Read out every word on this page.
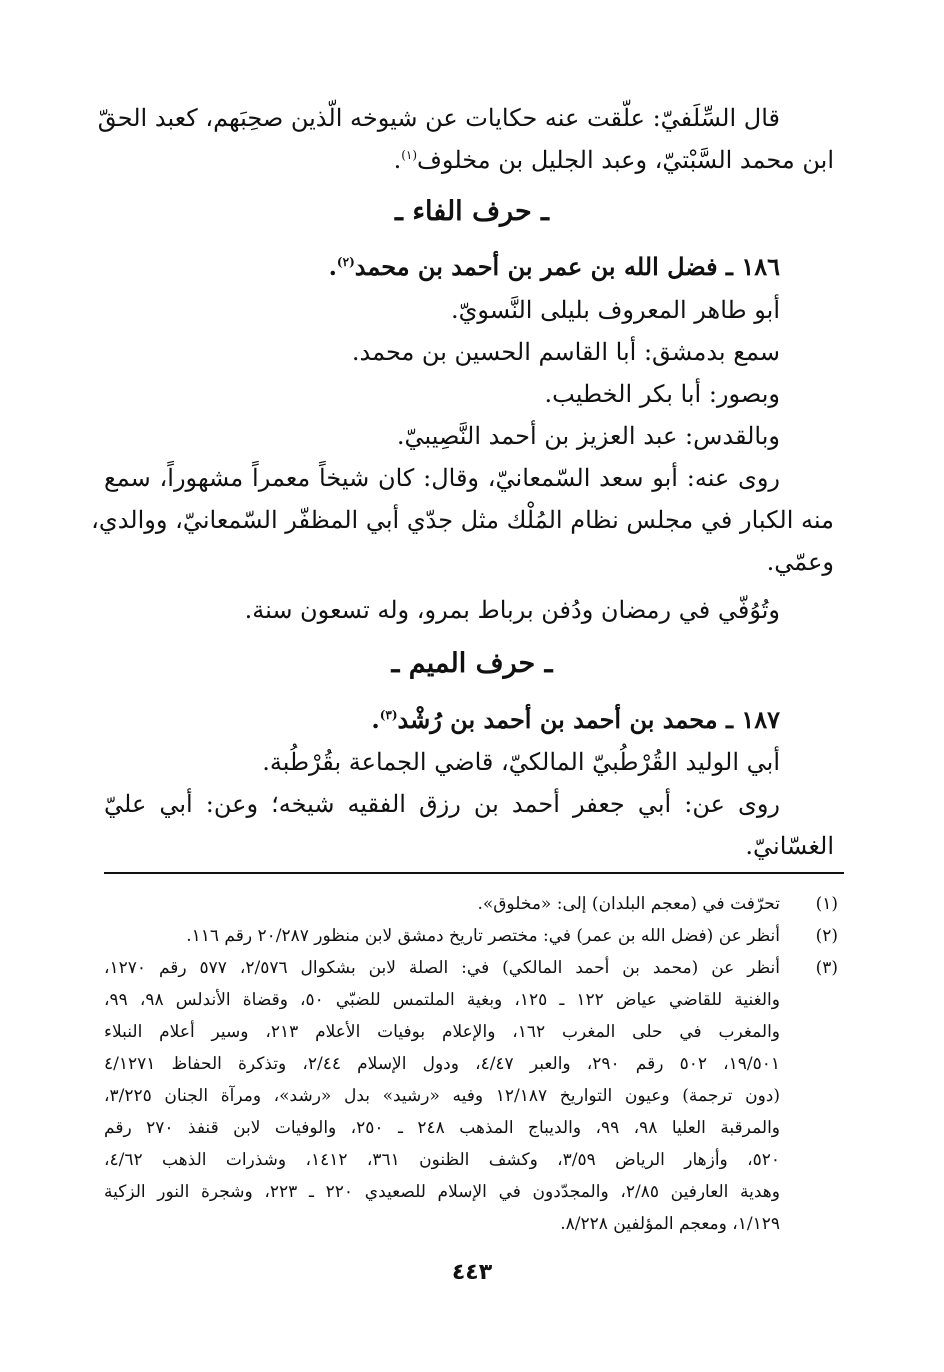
قال السِّلَفيّ: علّقت عنه حكايات عن شيوخه الّذين صحِبَهم، كعبد الحقّ
ابن محمد السَّبْتيّ، وعبد الجليل بن مخلوف$^{(١)}$.
ـ حرف الفاء ـ
١٨٦ ـ فضل الله بن عمر بن أحمد بن محمد$^{(٢)}$.
أبو طاهر المعروف بليلى النَّسويّ.
سمع بدمشق: أبا القاسم الحسين بن محمد.
وبصور: أبا بكر الخطيب.
وبالقدس: عبد العزيز بن أحمد النَّصِيبيّ.
روى عنه: أبو سعد السّمعانيّ، وقال: كان شيخاً معمراً مشهوراً، سمع
منه الكبار في مجلس نظام المُلْك مثل جدّي أبي المظفّر السّمعانيّ، ووالدي،
وعمّي.
وتُوُفّي في رمضان ودُفن برباط بمرو، وله تسعون سنة.
ـ حرف الميم ـ
١٨٧ ـ محمد بن أحمد بن أحمد بن رُشْد$^{(٣)}$.
أبي الوليد القُرْطُبيّ المالكيّ، قاضي الجماعة بقُرْطُبة.
روى عن: أبي جعفر أحمد بن رزق الفقيه شيخه؛ وعن: أبي عليّ
الغسّانيّ.
(١)
تحرّفت في (معجم البلدان) إلى: «مخلوق».
(٢)
أنظر عن (فضل الله بن عمر) في: مختصر تاريخ دمشق لابن منظور ٢٠/٢٨٧ رقم ١١٦.
(٣)
أنظر عن (محمد بن أحمد المالكي) في: الصلة لابن بشكوال ٢/٥٧٦، ٥٧٧ رقم ١٢٧٠،
والغنية للقاضي عياض ١٢٢ ـ ١٢٥، وبغية الملتمس للضبّي ٥٠، وقضاة الأندلس ٩٨، ٩٩،
والمغرب في حلى المغرب ١٦٢، والإعلام بوفيات الأعلام ٢١٣، وسير أعلام النبلاء
١٩/٥٠١، ٥٠٢ رقم ٢٩٠، والعبر ٤/٤٧، ودول الإسلام ٢/٤٤، وتذكرة الحفاظ ٤/١٢٧١
(دون ترجمة) وعيون التواريخ ١٢/١٨٧ وفيه «رشيد» بدل «رشد»، ومرآة الجنان ٣/٢٢٥،
والمرقبة العليا ٩٨، ٩٩، والديباج المذهب ٢٤٨ ـ ٢٥٠، والوفيات لابن قنفذ ٢٧٠ رقم
٥٢٠، وأزهار الرياض ٣/٥٩، وكشف الظنون ٣٦١، ١٤١٢، وشذرات الذهب ٤/٦٢،
وهدية العارفين ٢/٨٥، والمجدّدون في الإسلام للصعيدي ٢٢٠ ـ ٢٢٣، وشجرة النور الزكية
١/١٢٩، ومعجم المؤلفين ٨/٢٢٨.
٤٤٣
